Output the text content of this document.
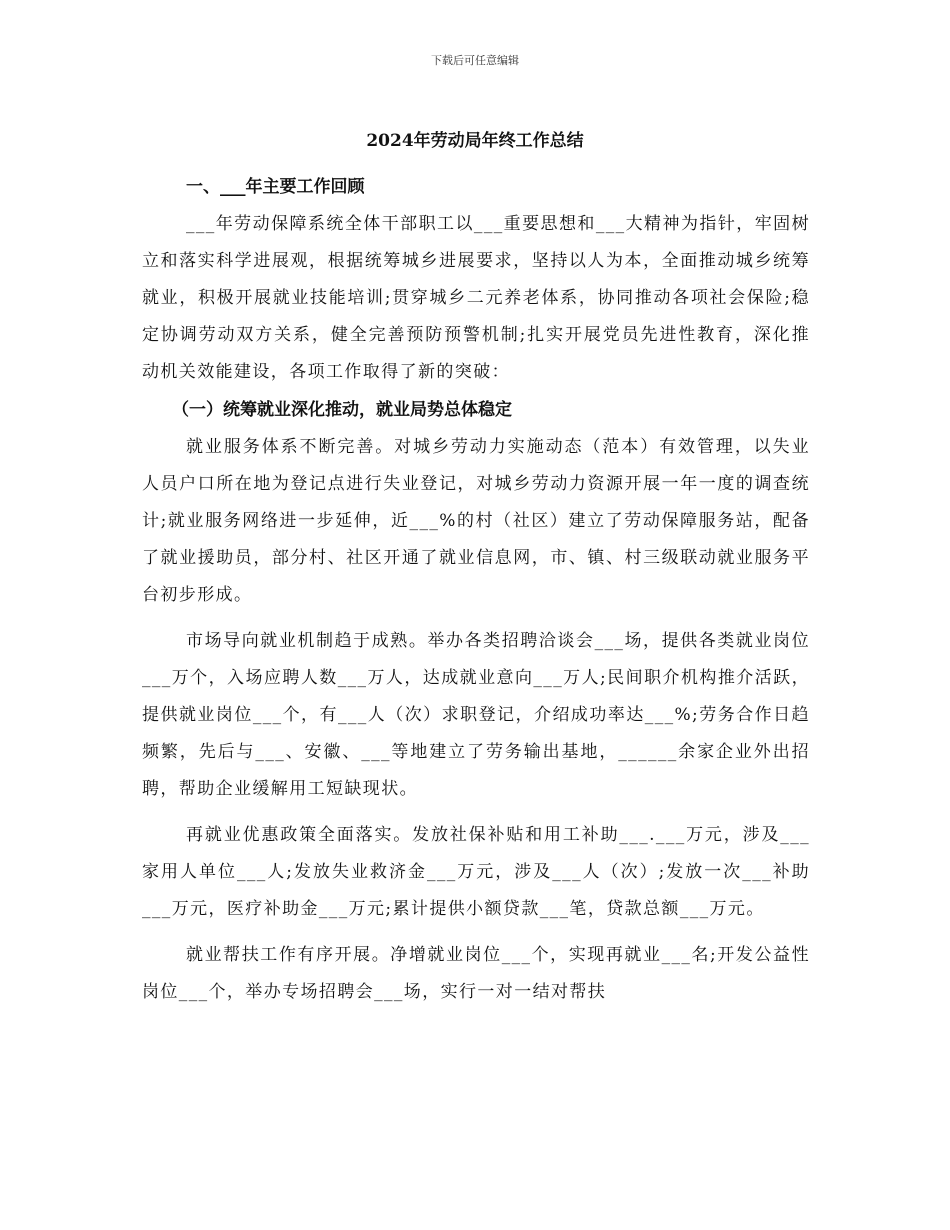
下载后可任意编辑
2024年劳动局年终工作总结
一、___年主要工作回顾

___年劳动保障系统全体干部职工以___重要思想和___大精神为指针，牢固树立和落实科学进展观，根据统筹城乡进展要求，坚持以人为本，全面推动城乡统筹就业，积极开展就业技能培训;贯穿城乡二元养老体系，协同推动各项社会保险;稳定协调劳动双方关系，健全完善预防预警机制;扎实开展党员先进性教育，深化推动机关效能建设，各项工作取得了新的突破：

（一）统筹就业深化推动，就业局势总体稳定

就业服务体系不断完善。对城乡劳动力实施动态（范本）有效管理，以失业人员户口所在地为登记点进行失业登记，对城乡劳动力资源开展一年一度的调查统计;就业服务网络进一步延伸，近___%的村（社区）建立了劳动保障服务站，配备了就业援助员，部分村、社区开通了就业信息网，市、镇、村三级联动就业服务平台初步形成。

市场导向就业机制趋于成熟。举办各类招聘洽谈会___场，提供各类就业岗位___万个，入场应聘人数___万人，达成就业意向___万人;民间职介机构推介活跃，提供就业岗位___个，有___人（次）求职登记，介绍成功率达___%;劳务合作日趋频繁，先后与___、安徽、___等地建立了劳务输出基地，______余家企业外出招聘，帮助企业缓解用工短缺现状。

再就业优惠政策全面落实。发放社保补贴和用工补助___.___万元，涉及___家用人单位___人;发放失业救济金___万元，涉及___人（次）;发放一次___补助___万元，医疗补助金___万元;累计提供小额贷款___笔，贷款总额___万元。

就业帮扶工作有序开展。净增就业岗位___个，实现再就业___名;开发公益性岗位___个，举办专场招聘会___场，实行一对一结对帮扶
